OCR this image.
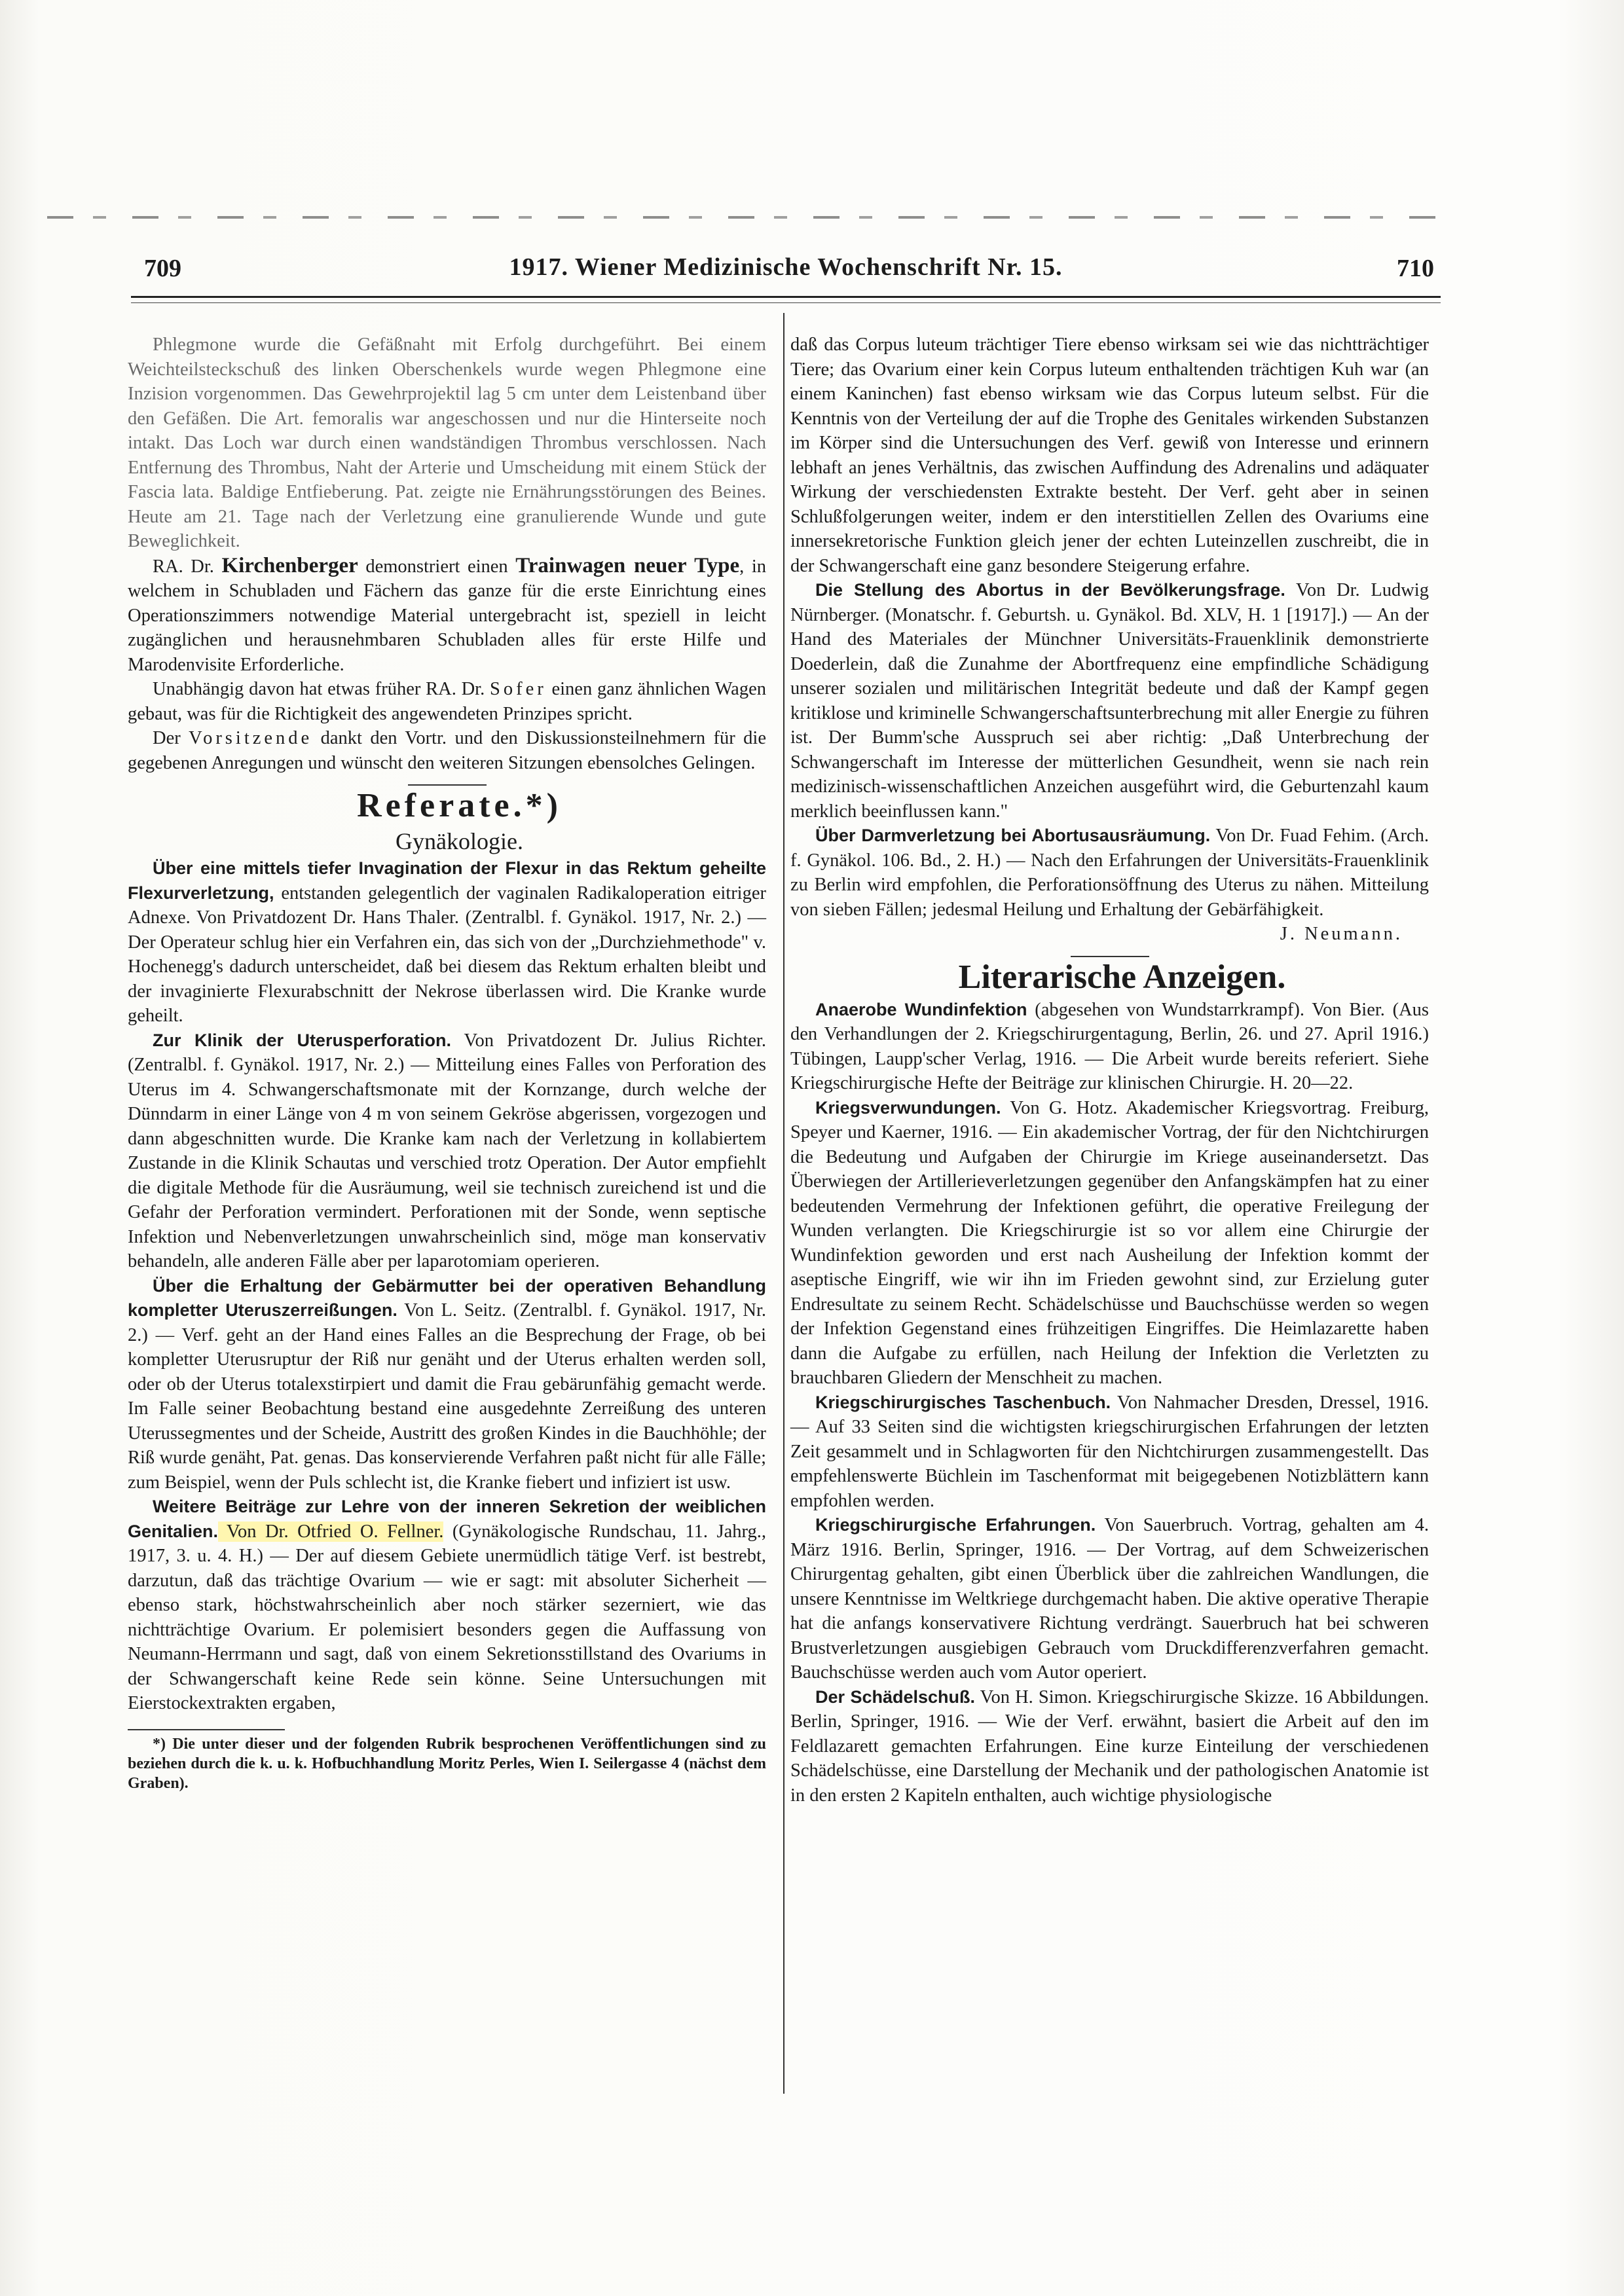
709	1917. Wiener Medizinische Wochenschrift Nr. 15.	710

Phlegmone wurde die Gefäßnaht mit Erfolg durchgeführt. Bei einem Weichteilsteckschuß des linken Oberschenkels wurde wegen Phlegmone eine Inzision vorgenommen. Das Gewehrprojektil lag 5 cm unter dem Leistenband über den Gefäßen. Die Art. femoralis war angeschossen und nur die Hinterseite noch intakt. Das Loch war durch einen wandständigen Thrombus verschlossen. Nach Entfernung des Thrombus, Naht der Arterie und Umscheidung mit einem Stück der Fascia lata. Baldige Entfieberung. Pat. zeigte nie Ernährungsstörungen des Beines. Heute am 21. Tage nach der Verletzung eine granulierende Wunde und gute Beweglichkeit.

RA. Dr. Kirchenberger demonstriert einen Trainwagen neuer Type, in welchem in Schubladen und Fächern das ganze für die erste Einrichtung eines Operationszimmers notwendige Material untergebracht ist, speziell in leicht zugänglichen und herausnehmbaren Schubladen alles für erste Hilfe und Marodenvisite Erforderliche.

Unabhängig davon hat etwas früher RA. Dr. Sofer einen ganz ähnlichen Wagen gebaut, was für die Richtigkeit des angewendeten Prinzipes spricht.

Der Vorsitzende dankt den Vortr. und den Diskussionsteilnehmern für die gegebenen Anregungen und wünscht den weiteren Sitzungen ebensolches Gelingen.

Referate.*)

Gynäkologie.

Über eine mittels tiefer Invagination der Flexur in das Rektum geheilte Flexurverletzung, entstanden gelegentlich der vaginalen Radikaloperation eitriger Adnexe. Von Privatdozent Dr. Hans Thaler. (Zentralbl. f. Gynäkol. 1917, Nr. 2.) — Der Operateur schlug hier ein Verfahren ein, das sich von der „Durchziehmethode" v. Hochenegg's dadurch unterscheidet, daß bei diesem das Rektum erhalten bleibt und der invaginierte Flexurabschnitt der Nekrose überlassen wird. Die Kranke wurde geheilt.

Zur Klinik der Uterusperforation. Von Privatdozent Dr. Julius Richter. (Zentralbl. f. Gynäkol. 1917, Nr. 2.) — Mitteilung eines Falles von Perforation des Uterus im 4. Schwangerschaftsmonate mit der Kornzange, durch welche der Dünndarm in einer Länge von 4 m von seinem Gekröse abgerissen, vorgezogen und dann abgeschnitten wurde. Die Kranke kam nach der Verletzung in kollabiertem Zustande in die Klinik Schautas und verschied trotz Operation. Der Autor empfiehlt die digitale Methode für die Ausräumung, weil sie technisch zureichend ist und die Gefahr der Perforation vermindert. Perforationen mit der Sonde, wenn septische Infektion und Nebenverletzungen unwahrscheinlich sind, möge man konservativ behandeln, alle anderen Fälle aber per laparotomiam operieren.

Über die Erhaltung der Gebärmutter bei der operativen Behandlung kompletter Uteruszerreißungen. Von L. Seitz. (Zentralbl. f. Gynäkol. 1917, Nr. 2.) — Verf. geht an der Hand eines Falles an die Besprechung der Frage, ob bei kompletter Uterusruptur der Riß nur genäht und der Uterus erhalten werden soll, oder ob der Uterus totalexstirpiert und damit die Frau gebärunfähig gemacht werde. Im Falle seiner Beobachtung bestand eine ausgedehnte Zerreißung des unteren Uterussegmentes und der Scheide, Austritt des großen Kindes in die Bauchhöhle; der Riß wurde genäht, Pat. genas. Das konservierende Verfahren paßt nicht für alle Fälle; zum Beispiel, wenn der Puls schlecht ist, die Kranke fiebert und infiziert ist usw.

Weitere Beiträge zur Lehre von der inneren Sekretion der weiblichen Genitalien. Von Dr. Otfried O. Fellner. (Gynäkologische Rundschau, 11. Jahrg., 1917, 3. u. 4. H.) — Der auf diesem Gebiete unermüdlich tätige Verf. ist bestrebt, darzutun, daß das trächtige Ovarium — wie er sagt: mit absoluter Sicherheit — ebenso stark, höchstwahrscheinlich aber noch stärker sezerniert, wie das nichtträchtige Ovarium. Er polemisiert besonders gegen die Auffassung von Neumann-Herrmann und sagt, daß von einem Sekretionsstillstand des Ovariums in der Schwangerschaft keine Rede sein könne. Seine Untersuchungen mit Eierstockextrakten ergaben,

*) Die unter dieser und der folgenden Rubrik besprochenen Veröffentlichungen sind zu beziehen durch die k. u. k. Hofbuchhandlung Moritz Perles, Wien I. Seilergasse 4 (nächst dem Graben).

daß das Corpus luteum trächtiger Tiere ebenso wirksam sei wie das nichtträchtiger Tiere; das Ovarium einer kein Corpus luteum enthaltenden trächtigen Kuh war (an einem Kaninchen) fast ebenso wirksam wie das Corpus luteum selbst. Für die Kenntnis von der Verteilung der auf die Trophe des Genitales wirkenden Substanzen im Körper sind die Untersuchungen des Verf. gewiß von Interesse und erinnern lebhaft an jenes Verhältnis, das zwischen Auffindung des Adrenalins und adäquater Wirkung der verschiedensten Extrakte besteht. Der Verf. geht aber in seinen Schlußfolgerungen weiter, indem er den interstitiellen Zellen des Ovariums eine innersekretorische Funktion gleich jener der echten Luteinzellen zuschreibt, die in der Schwangerschaft eine ganz besondere Steigerung erfahre.

Die Stellung des Abortus in der Bevölkerungsfrage. Von Dr. Ludwig Nürnberger. (Monatschr. f. Geburtsh. u. Gynäkol. Bd. XLV, H. 1 [1917].) — An der Hand des Materiales der Münchner Universitäts-Frauenklinik demonstrierte Doederlein, daß die Zunahme der Abortfrequenz eine empfindliche Schädigung unserer sozialen und militärischen Integrität bedeute und daß der Kampf gegen kritiklose und kriminelle Schwangerschaftsunterbrechung mit aller Energie zu führen ist. Der Bumm'sche Ausspruch sei aber richtig: „Daß Unterbrechung der Schwangerschaft im Interesse der mütterlichen Gesundheit, wenn sie nach rein medizinisch-wissenschaftlichen Anzeichen ausgeführt wird, die Geburtenzahl kaum merklich beeinflussen kann."

Über Darmverletzung bei Abortusausräumung. Von Dr. Fuad Fehim. (Arch. f. Gynäkol. 106. Bd., 2. H.) — Nach den Erfahrungen der Universitäts-Frauenklinik zu Berlin wird empfohlen, die Perforationsöffnung des Uterus zu nähen. Mitteilung von sieben Fällen; jedesmal Heilung und Erhaltung der Gebärfähigkeit.

J. Neumann.

Literarische Anzeigen.

Anaerobe Wundinfektion (abgesehen von Wundstarrkrampf). Von Bier. (Aus den Verhandlungen der 2. Kriegschirurgentagung, Berlin, 26. und 27. April 1916.) Tübingen, Laupp'scher Verlag, 1916. — Die Arbeit wurde bereits referiert. Siehe Kriegschirurgische Hefte der Beiträge zur klinischen Chirurgie. H. 20—22.

Kriegsverwundungen. Von G. Hotz. Akademischer Kriegsvortrag. Freiburg, Speyer und Kaerner, 1916. — Ein akademischer Vortrag, der für den Nichtchirurgen die Bedeutung und Aufgaben der Chirurgie im Kriege auseinandersetzt. Das Überwiegen der Artillerieverletzungen gegenüber den Anfangskämpfen hat zu einer bedeutenden Vermehrung der Infektionen geführt, die operative Freilegung der Wunden verlangten. Die Kriegschirurgie ist so vor allem eine Chirurgie der Wundinfektion geworden und erst nach Ausheilung der Infektion kommt der aseptische Eingriff, wie wir ihn im Frieden gewohnt sind, zur Erzielung guter Endresultate zu seinem Recht. Schädelschüsse und Bauchschüsse werden so wegen der Infektion Gegenstand eines frühzeitigen Eingriffes. Die Heimlazarette haben dann die Aufgabe zu erfüllen, nach Heilung der Infektion die Verletzten zu brauchbaren Gliedern der Menschheit zu machen.

Kriegschirurgisches Taschenbuch. Von Nahmacher Dresden, Dressel, 1916. — Auf 33 Seiten sind die wichtigsten kriegschirurgischen Erfahrungen der letzten Zeit gesammelt und in Schlagworten für den Nichtchirurgen zusammengestellt. Das empfehlenswerte Büchlein im Taschenformat mit beigegebenen Notizblättern kann empfohlen werden.

Kriegschirurgische Erfahrungen. Von Sauerbruch. Vortrag, gehalten am 4. März 1916. Berlin, Springer, 1916. — Der Vortrag, auf dem Schweizerischen Chirurgentag gehalten, gibt einen Überblick über die zahlreichen Wandlungen, die unsere Kenntnisse im Weltkriege durchgemacht haben. Die aktive operative Therapie hat die anfangs konservativere Richtung verdrängt. Sauerbruch hat bei schweren Brustverletzungen ausgiebigen Gebrauch vom Druckdifferenzverfahren gemacht. Bauchschüsse werden auch vom Autor operiert.

Der Schädelschuß. Von H. Simon. Kriegschirurgische Skizze. 16 Abbildungen. Berlin, Springer, 1916. — Wie der Verf. erwähnt, basiert die Arbeit auf den im Feldlazarett gemachten Erfahrungen. Eine kurze Einteilung der verschiedenen Schädelschüsse, eine Darstellung der Mechanik und der pathologischen Anatomie ist in den ersten 2 Kapiteln enthalten, auch wichtige physiologische
